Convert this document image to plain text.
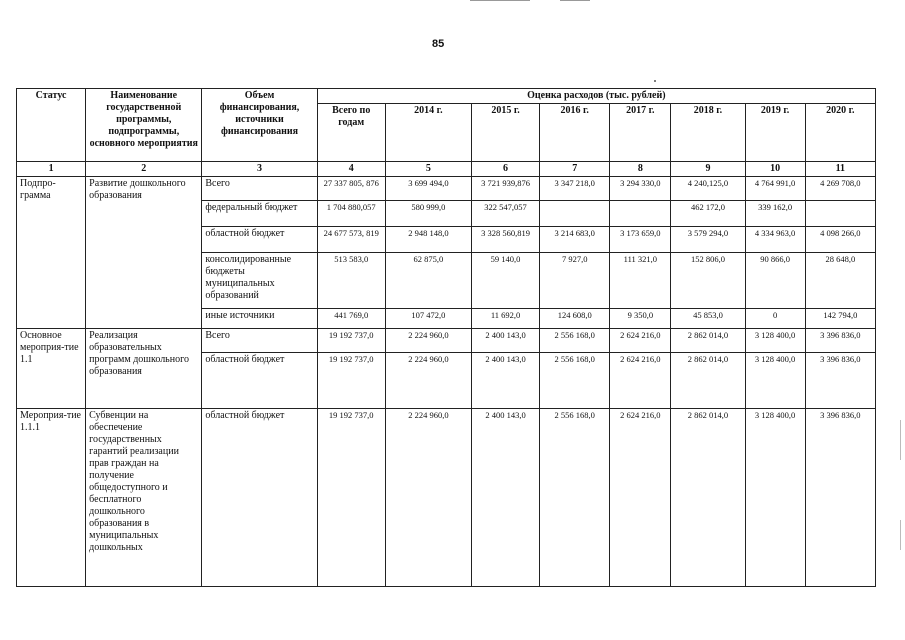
85
Статус	Наименование государственной программы, подпрограммы, основного мероприятия	Объем финансирования, источники финансирования	Оценка расходов (тыс. рублей)							
			Всего по годам	2014 г.	2015 г.	2016 г.	2017 г.	2018 г.	2019 г.	2020 г.
1	2	3	4	5	6	7	8	9	10	11
Подпро-грамма	Развитие дошкольного образования	Всего	27 337 805, 876	3 699 494,0	3 721 939,876	3 347 218,0	3 294 330,0	4 240,125,0	4 764 991,0	4 269 708,0
		федеральный бюджет	1 704 880,057	580 999,0	322 547,057			462 172,0	339 162,0	
		областной бюджет	24 677 573, 819	2 948 148,0	3 328 560,819	3 214 683,0	3 173 659,0	3 579 294,0	4 334 963,0	4 098 266,0
		консолидированные бюджеты муниципальных образований	513 583,0	62 875,0	59 140,0	7 927,0	111 321,0	152 806,0	90 866,0	28 648,0
		иные источники	441 769,0	107 472,0	11 692,0	124 608,0	9 350,0	45 853,0	0	142 794,0
Основное мероприя-тие 1.1	Реализация образовательных программ дошкольного образования	Всего	19 192 737,0	2 224 960,0	2 400 143,0	2 556 168,0	2 624 216,0	2 862 014,0	3 128 400,0	3 396 836,0
		областной бюджет	19 192 737,0	2 224 960,0	2 400 143,0	2 556 168,0	2 624 216,0	2 862 014,0	3 128 400,0	3 396 836,0
Мероприя-тие 1.1.1	Субвенции на обеспечение государственных гарантий реализации прав граждан на получение общедоступного и бесплатного дошкольного образования в муниципальных дошкольных	областной бюджет	19 192 737,0	2 224 960,0	2 400 143,0	2 556 168,0	2 624 216,0	2 862 014,0	3 128 400,0	3 396 836,0
